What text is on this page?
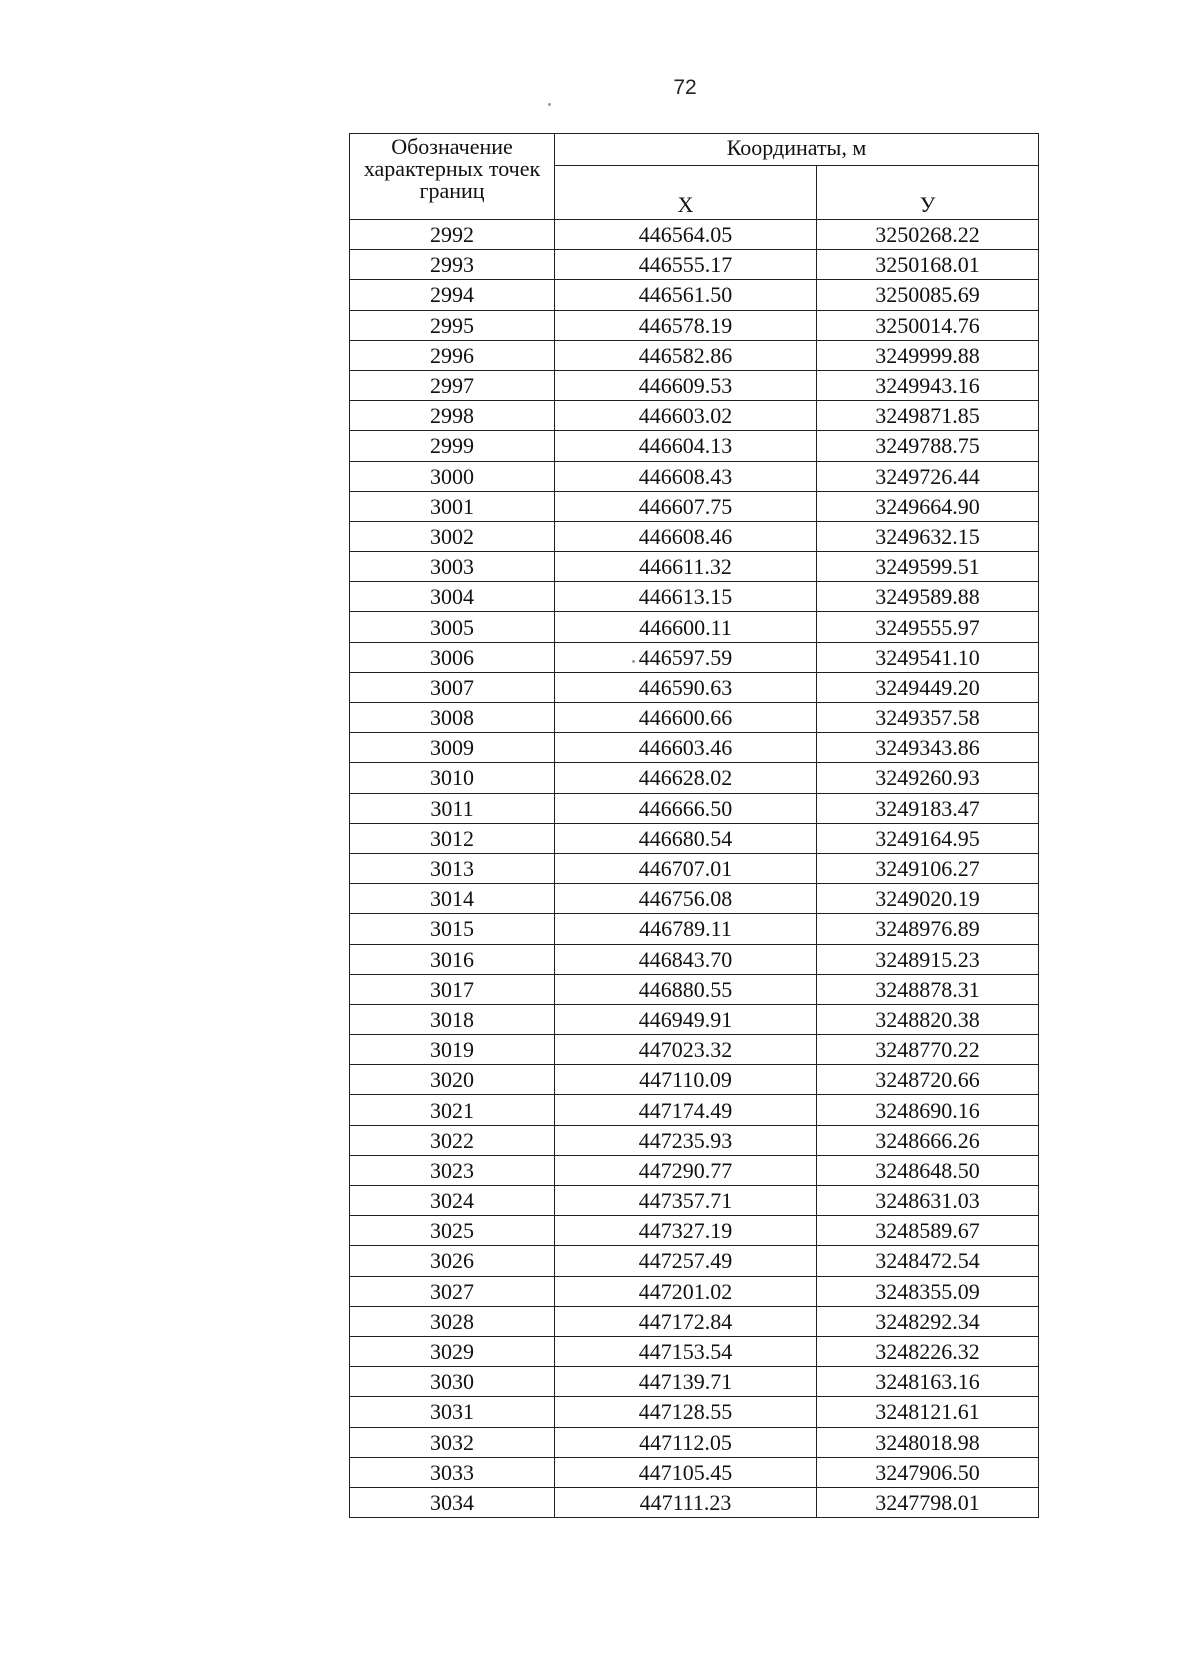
72
Обозначение характерных точек границ	Координаты, м	
	Х	У
2992	446564.05	3250268.22
2993	446555.17	3250168.01
2994	446561.50	3250085.69
2995	446578.19	3250014.76
2996	446582.86	3249999.88
2997	446609.53	3249943.16
2998	446603.02	3249871.85
2999	446604.13	3249788.75
3000	446608.43	3249726.44
3001	446607.75	3249664.90
3002	446608.46	3249632.15
3003	446611.32	3249599.51
3004	446613.15	3249589.88
3005	446600.11	3249555.97
3006	446597.59	3249541.10
3007	446590.63	3249449.20
3008	446600.66	3249357.58
3009	446603.46	3249343.86
3010	446628.02	3249260.93
3011	446666.50	3249183.47
3012	446680.54	3249164.95
3013	446707.01	3249106.27
3014	446756.08	3249020.19
3015	446789.11	3248976.89
3016	446843.70	3248915.23
3017	446880.55	3248878.31
3018	446949.91	3248820.38
3019	447023.32	3248770.22
3020	447110.09	3248720.66
3021	447174.49	3248690.16
3022	447235.93	3248666.26
3023	447290.77	3248648.50
3024	447357.71	3248631.03
3025	447327.19	3248589.67
3026	447257.49	3248472.54
3027	447201.02	3248355.09
3028	447172.84	3248292.34
3029	447153.54	3248226.32
3030	447139.71	3248163.16
3031	447128.55	3248121.61
3032	447112.05	3248018.98
3033	447105.45	3247906.50
3034	447111.23	3247798.01
